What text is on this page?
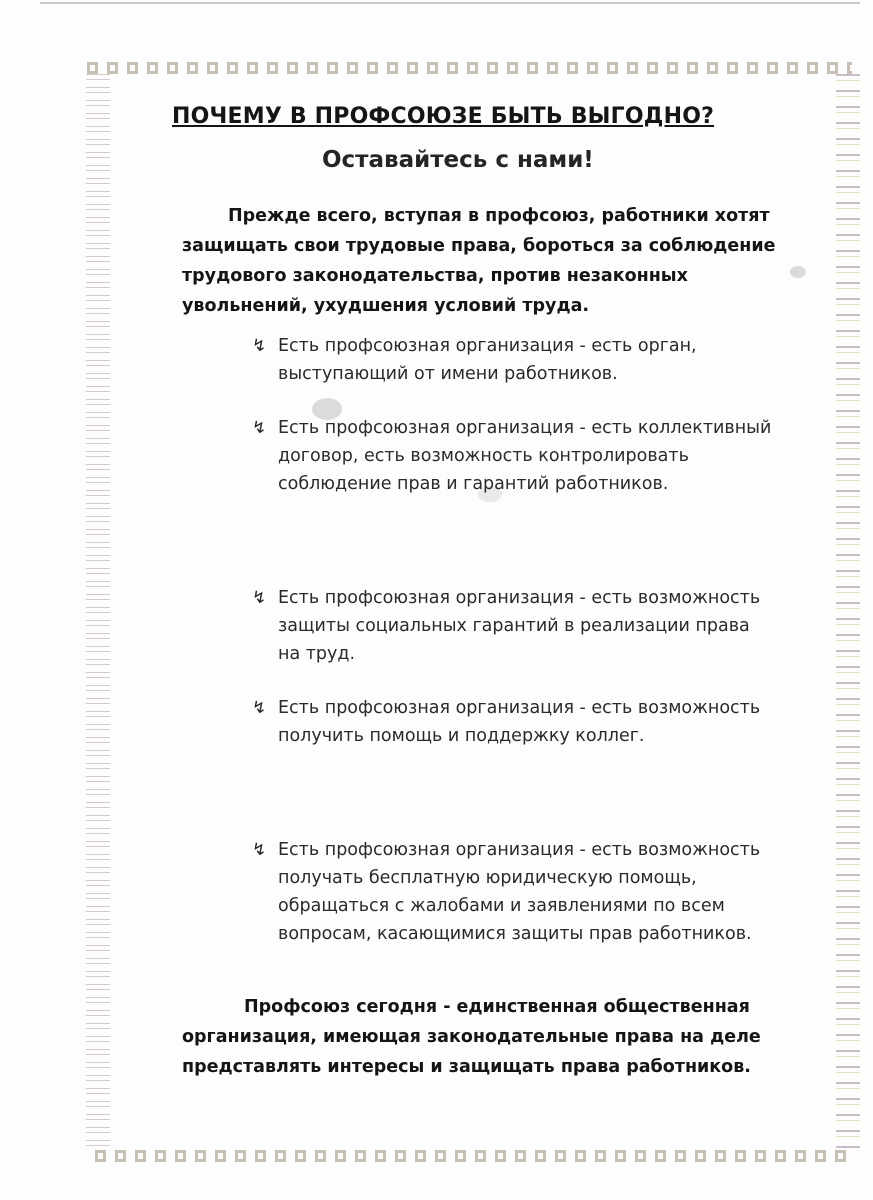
ПОЧЕМУ В ПРОФСОЮЗЕ БЫТЬ ВЫГОДНО?
Оставайтесь с нами!

Прежде всего, вступая в профсоюз, работники хотят защищать свои трудовые права, бороться за соблюдение трудового законодательства, против незаконных увольнений, ухудшения условий труда.

↯ Есть профсоюзная организация - есть орган, выступающий от имени работников.
↯ Есть профсоюзная организация - есть коллективный договор, есть возможность контролировать соблюдение прав и гарантий работников.
↯ Есть профсоюзная организация - есть возможность защиты социальных гарантий в реализации права на труд.
↯ Есть профсоюзная организация - есть возможность получить помощь и поддержку коллег.
↯ Есть профсоюзная организация - есть возможность получать бесплатную юридическую помощь, обращаться с жалобами и заявлениями по всем вопросам, касающимися защиты прав работников.

Профсоюз сегодня - единственная общественная организация, имеющая законодательные права на деле представлять интересы и защищать права работников.
